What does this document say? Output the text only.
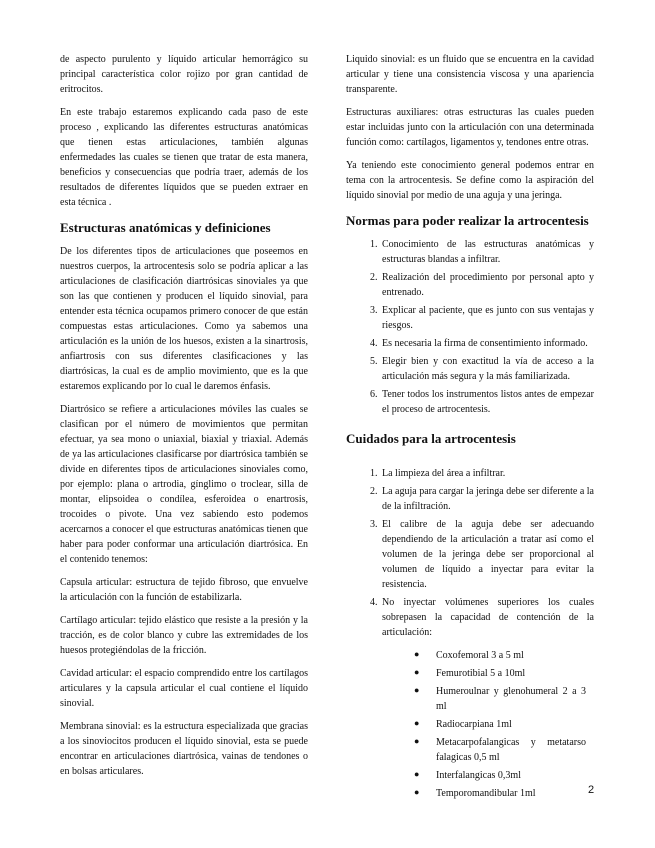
de aspecto purulento y líquido articular hemorrágico su principal característica color rojizo por gran cantidad de eritrocitos.

En este trabajo estaremos explicando cada paso de este proceso , explicando las diferentes estructuras anatómicas que tienen estas articulaciones, también algunas enfermedades las cuales se tienen que tratar de esta manera, beneficios y consecuencias que podría traer, además de los resultados de diferentes líquidos que se pueden extraer en esta técnica .

Estructuras anatómicas y definiciones

De los diferentes tipos de articulaciones que poseemos en nuestros cuerpos, la artrocentesis solo se podría aplicar a las articulaciones de clasificación diartrósicas sinoviales ya que son las que contienen y producen el líquido sinovial, para entender esta técnica ocupamos primero conocer de que están compuestas estas articulaciones. Como ya sabemos una articulación es la unión de los huesos, existen a la sinartrosis, anfiartrosis con sus diferentes clasificaciones y las diartrósicas, la cual es de amplio movimiento, que es la que estaremos explicando por lo cual le daremos énfasis.

Diartrósico se refiere a articulaciones móviles las cuales se clasifican por el número de movimientos que permitan efectuar, ya sea mono o uniaxial, biaxial y triaxial. Además de ya las articulaciones clasificarse por diartrósica también se divide en diferentes tipos de articulaciones sinoviales como, por ejemplo: plana o artrodia, gínglimo o troclear, silla de montar, elipsoidea o condílea, esferoidea o enartrosis, trocoides o pivote. Una vez sabiendo esto podemos acercarnos a conocer el que estructuras anatómicas tienen que haber para poder conformar una articulación diartrósica. En el contenido tenemos:

Capsula articular: estructura de tejido fibroso, que envuelve la articulación con la función de estabilizarla.

Cartílago articular: tejido elástico que resiste a la presión y la tracción, es de color blanco y cubre las extremidades de los huesos protegiéndolas de la fricción.

Cavidad articular: el espacio comprendido entre los cartílagos articulares y la capsula articular el cual contiene el líquido sinovial.

Membrana sinovial: es la estructura especializada que gracias a los sinoviocitos producen el líquido sinovial, esta se puede encontrar en articulaciones diartrósica, vainas de tendones o en bolsas articulares.

Liquido sinovial: es un fluido que se encuentra en la cavidad articular y tiene una consistencia viscosa y una apariencia transparente.

Estructuras auxiliares: otras estructuras las cuales pueden estar incluidas junto con la articulación con una determinada función como: cartílagos, ligamentos y, tendones entre otras.

Ya teniendo este conocimiento general podemos entrar en tema con la artrocentesis. Se define como la aspiración del líquido sinovial por medio de una aguja y una jeringa.

Normas para poder realizar la artrocentesis
1. Conocimiento de las estructuras anatómicas y estructuras blandas a infiltrar.
2. Realización del procedimiento por personal apto y entrenado.
3. Explicar al paciente, que es junto con sus ventajas y riesgos.
4. Es necesaria la firma de consentimiento informado.
5. Elegir bien y con exactitud la vía de acceso a la articulación más segura y la más familiarizada.
6. Tener todos los instrumentos listos antes de empezar el proceso de artrocentesis.
Cuidados para la artrocentesis
1. La limpieza del área a infiltrar.
2. La aguja para cargar la jeringa debe ser diferente a la de la infiltración.
3. El calibre de la aguja debe ser adecuando dependiendo de la articulación a tratar así como el volumen de la jeringa debe ser proporcional al volumen de líquido a inyectar para evitar la resistencia.
4. No inyectar volúmenes superiores los cuales sobrepasen la capacidad de contención de la articulación:
● Coxofemoral 3 a 5 ml
● Femurotibial 5 a 10ml
● Humeroulnar y glenohumeral 2 a 3 ml
● Radiocarpiana 1ml
● Metacarpofalangicas y metatarso falagicas 0,5 ml
● Interfalangicas 0,3ml
● Temporomandibular 1ml	2
